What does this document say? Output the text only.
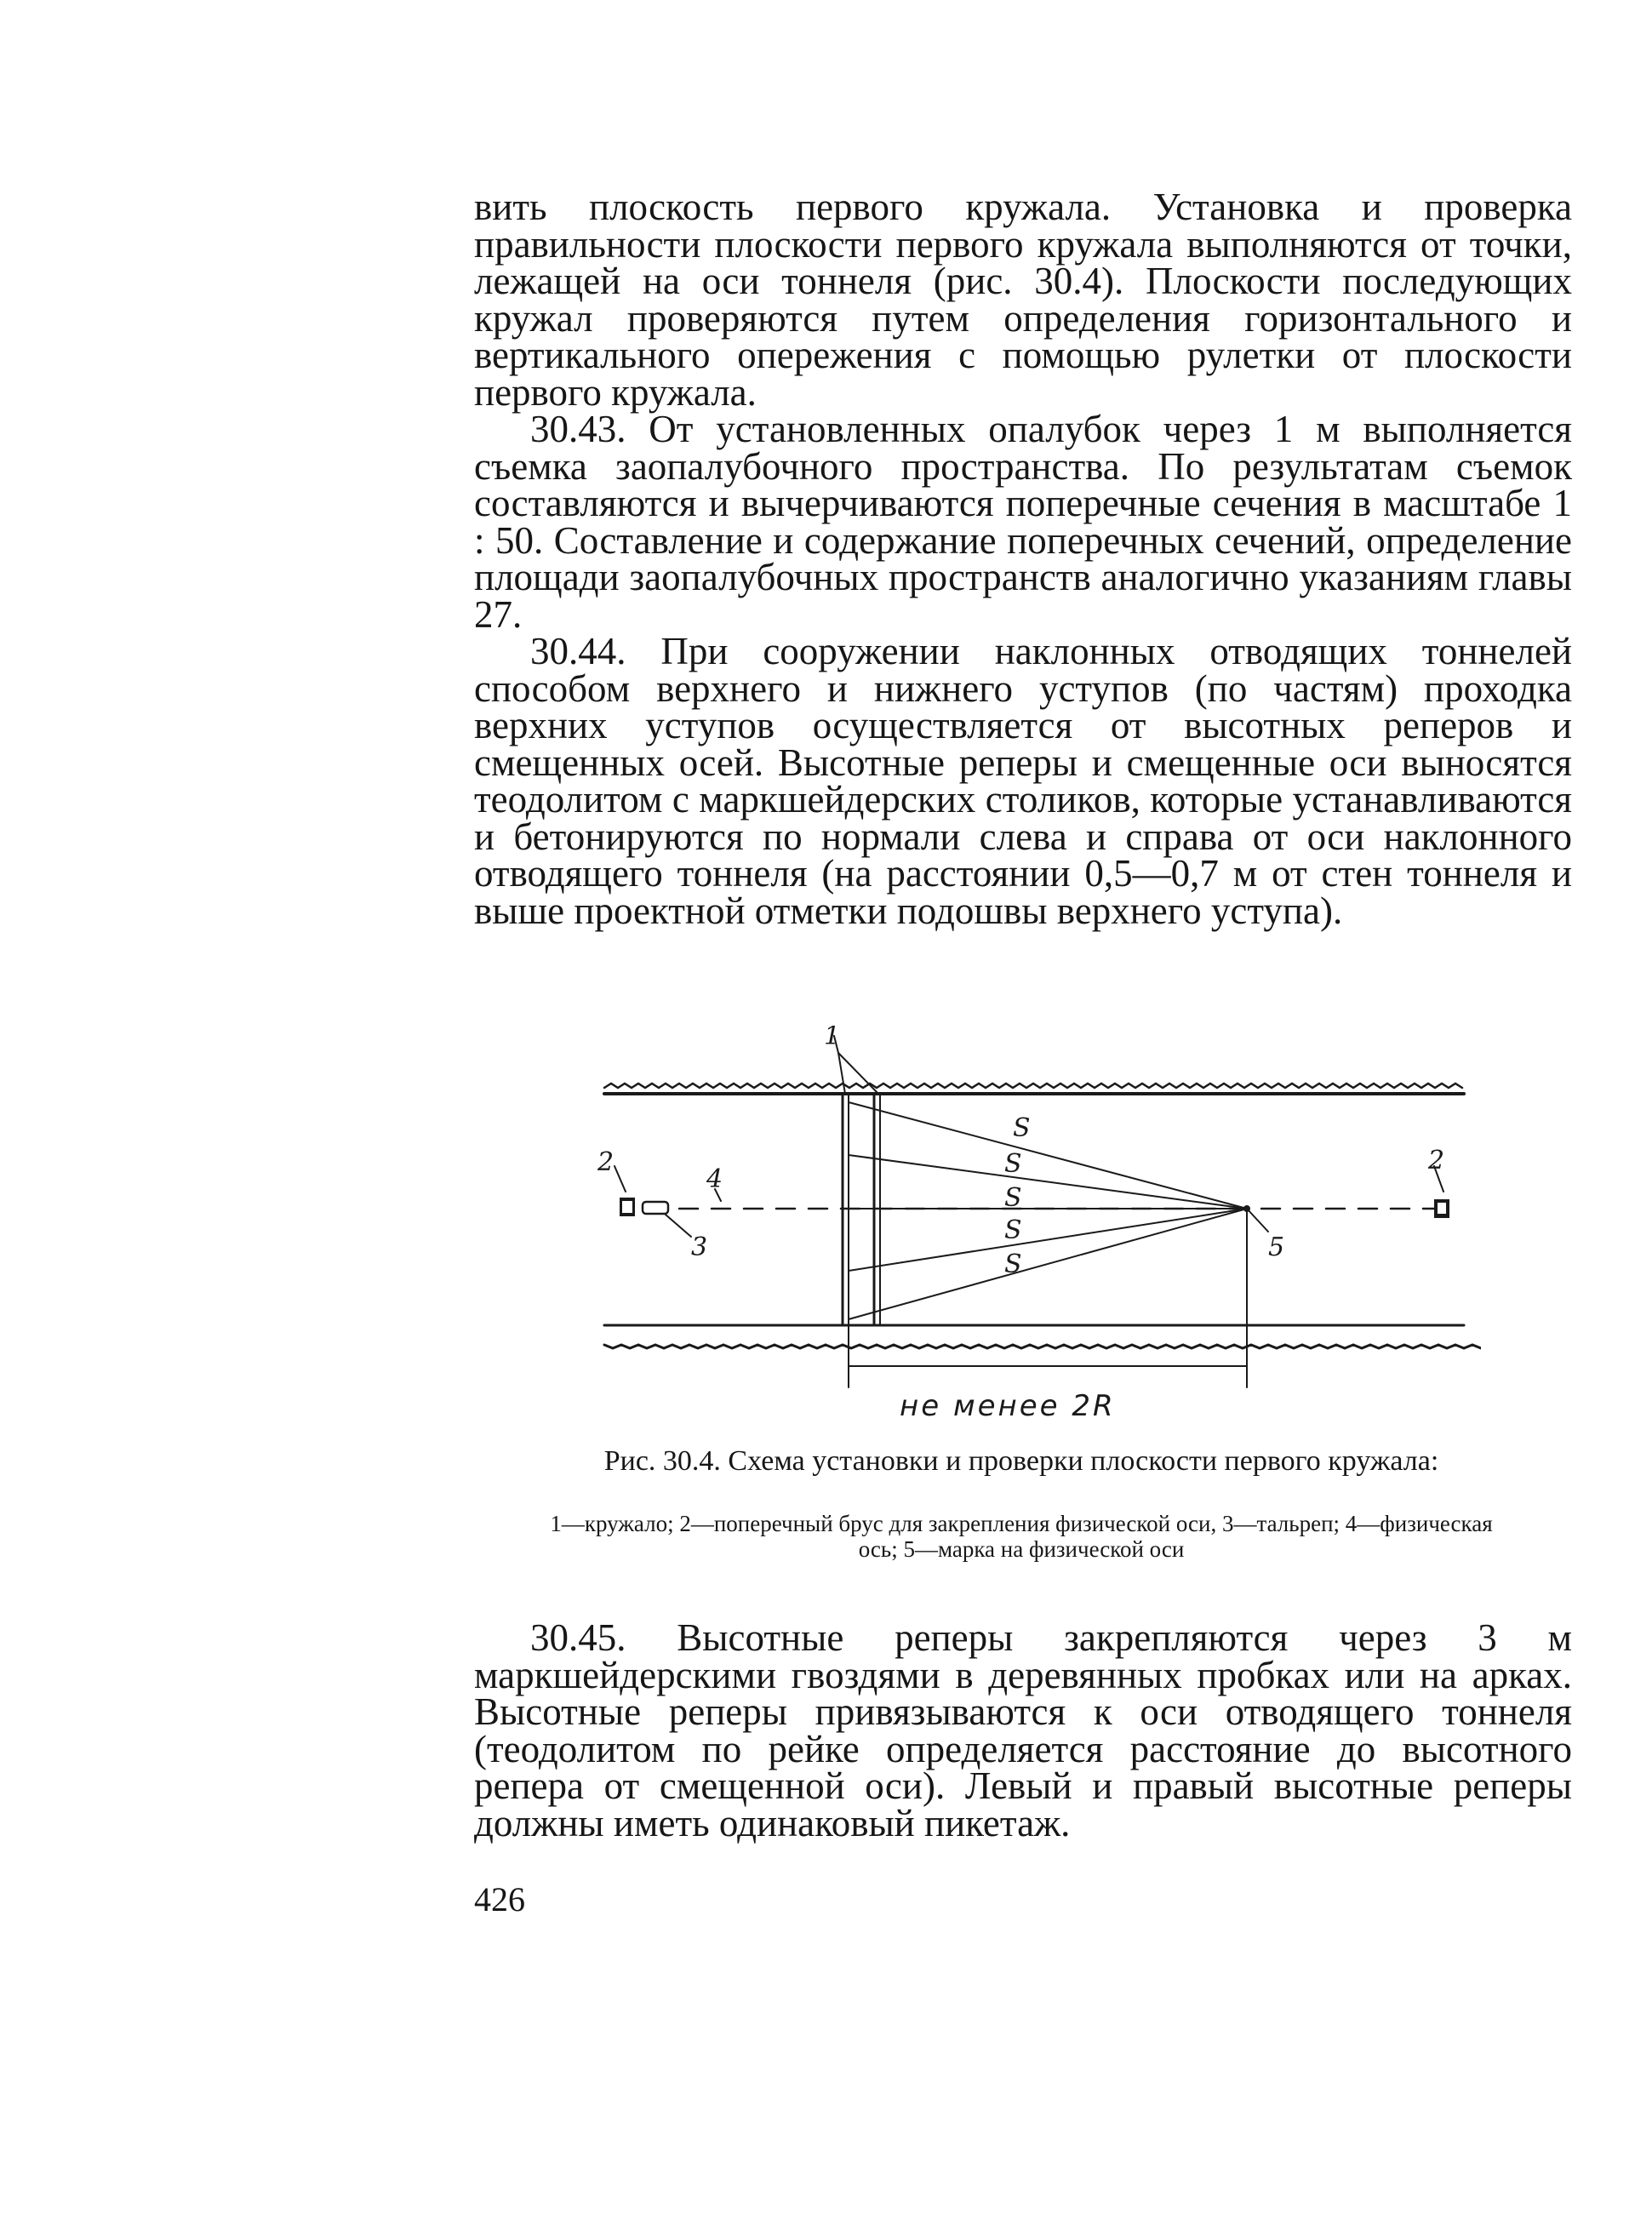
вить плоскость первого кружала. Установка и проверка правильности плоскости первого кружала выполняются от точки, лежащей на оси тоннеля (рис. 30.4). Плоскости последующих кружал проверяются путем определения горизонтального и вертикального опережения с помощью рулетки от плоскости первого кружала.

30.43. От установленных опалубок через 1 м выполняется съемка заопалубочного пространства. По результатам съемок составляются и вычерчиваются поперечные сечения в масштабе 1 : 50. Составление и содержание поперечных сечений, определение площади заопалубочных пространств аналогично указаниям главы 27.

30.44. При сооружении наклонных отводящих тоннелей способом верхнего и нижнего уступов (по частям) проходка верхних уступов осуществляется от высотных реперов и смещенных осей. Высотные реперы и смещенные оси выносятся теодолитом с маркшейдерских столиков, которые устанавливаются и бетонируются по нормали слева и справа от оси наклонного отводящего тоннеля (на расстоянии 0,5—0,7 м от стен тоннеля и выше проектной отметки подошвы верхнего уступа).

1
2	2
4
3	5
S
S
S
S
S
не менее 2R
Рис. 30.4. Схема установки и проверки плоскости первого кружала:
1—кружало; 2—поперечный брус для закрепления физической оси, 3—тальреп; 4—физическая ось; 5—марка на физической оси

30.45. Высотные реперы закрепляются через 3 м маркшейдерскими гвоздями в деревянных пробках или на арках. Высотные реперы привязываются к оси отводящего тоннеля (теодолитом по рейке определяется расстояние до высотного репера от смещенной оси). Левый и правый высотные реперы должны иметь одинаковый пикетаж.

426
